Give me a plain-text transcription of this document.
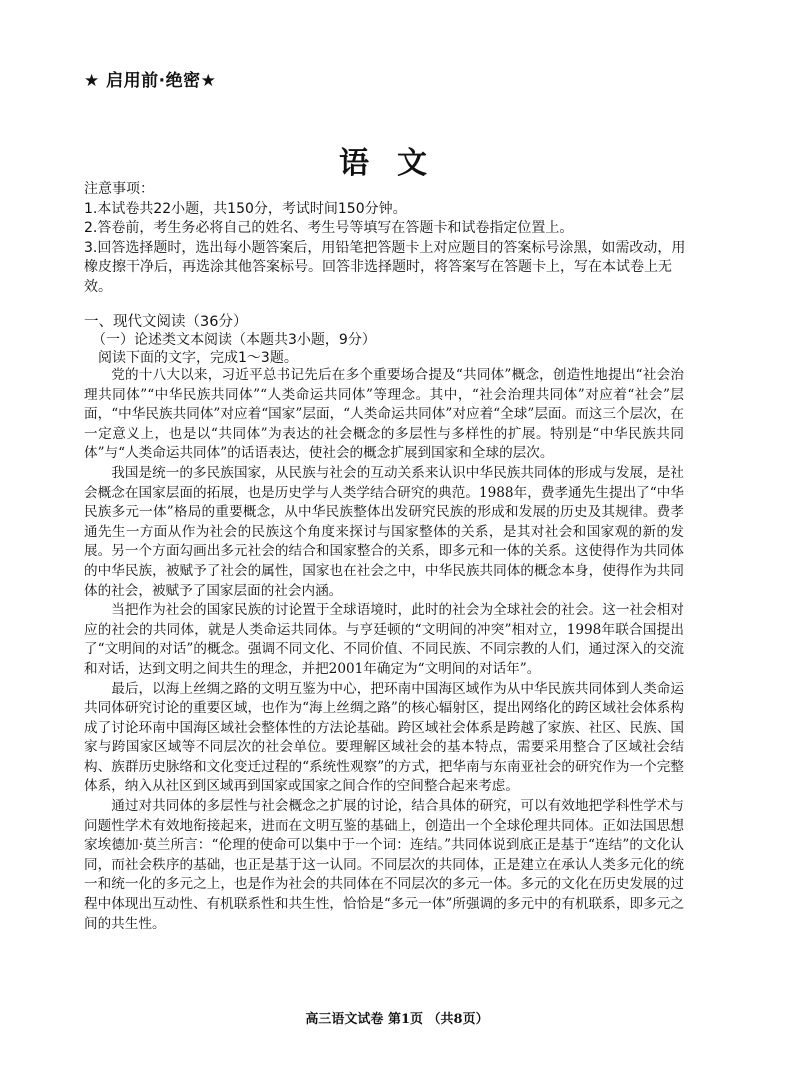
★ 启用前·绝密★
语文

注意事项：

1.本试卷共22小题，共150分，考试时间150分钟。

2.答卷前，考生务必将自己的姓名、考生号等填写在答题卡和试卷指定位置上。

3.回答选择题时，选出每小题答案后，用铅笔把答题卡上对应题目的答案标号涂黑，如需改动，用橡皮擦干净后，再选涂其他答案标号。回答非选择题时，将答案写在答题卡上，写在本试卷上无效。

一、现代文阅读（36分）
（一）论述类文本阅读（本题共3小题，9分）
阅读下面的文字，完成1～3题。

党的十八大以来，习近平总书记先后在多个重要场合提及“共同体”概念，创造性地提出“社会治理共同体”“中华民族共同体”“人类命运共同体”等理念。其中，“社会治理共同体”对应着“社会”层面，“中华民族共同体”对应着“国家”层面，“人类命运共同体”对应着“全球”层面。而这三个层次，在一定意义上，也是以“共同体”为表达的社会概念的多层性与多样性的扩展。特别是“中华民族共同体”与“人类命运共同体”的话语表达，使社会的概念扩展到国家和全球的层次。

我国是统一的多民族国家，从民族与社会的互动关系来认识中华民族共同体的形成与发展，是社会概念在国家层面的拓展，也是历史学与人类学结合研究的典范。1988年，费孝通先生提出了“中华民族多元一体”格局的重要概念，从中华民族整体出发研究民族的形成和发展的历史及其规律。费孝通先生一方面从作为社会的民族这个角度来探讨与国家整体的关系，是其对社会和国家观的新的发展。另一个方面勾画出多元社会的结合和国家整合的关系，即多元和一体的关系。这使得作为共同体的中华民族，被赋予了社会的属性，国家也在社会之中，中华民族共同体的概念本身，使得作为共同体的社会，被赋予了国家层面的社会内涵。

当把作为社会的国家民族的讨论置于全球语境时，此时的社会为全球社会的社会。这一社会相对应的社会的共同体，就是人类命运共同体。与亨廷顿的“文明间的冲突”相对立，1998年联合国提出了“文明间的对话”的概念。强调不同文化、不同价值、不同民族、不同宗教的人们，通过深入的交流和对话，达到文明之间共生的理念，并把2001年确定为“文明间的对话年”。

最后，以海上丝绸之路的文明互鉴为中心，把环南中国海区域作为从中华民族共同体到人类命运共同体研究讨论的重要区域，也作为“海上丝绸之路”的核心辐射区，提出网络化的跨区域社会体系构成了讨论环南中国海区域社会整体性的方法论基础。跨区域社会体系是跨越了家族、社区、民族、国家与跨国家区域等不同层次的社会单位。要理解区域社会的基本特点，需要采用整合了区域社会结构、族群历史脉络和文化变迁过程的“系统性观察”的方式，把华南与东南亚社会的研究作为一个完整体系，纳入从社区到区域再到国家或国家之间合作的空间整合起来考虑。

通过对共同体的多层性与社会概念之扩展的讨论，结合具体的研究，可以有效地把学科性学术与问题性学术有效地衔接起来，进而在文明互鉴的基础上，创造出一个全球伦理共同体。正如法国思想家埃德加·莫兰所言：“伦理的使命可以集中于一个词：连结。”共同体说到底正是基于“连结”的文化认同，而社会秩序的基础，也正是基于这一认同。不同层次的共同体，正是建立在承认人类多元化的统一和统一化的多元之上，也是作为社会的共同体在不同层次的多元一体。多元的文化在历史发展的过程中体现出互动性、有机联系性和共生性，恰恰是“多元一体”所强调的多元中的有机联系，即多元之间的共生性。

高三语文试卷 第1页 （共8页）
